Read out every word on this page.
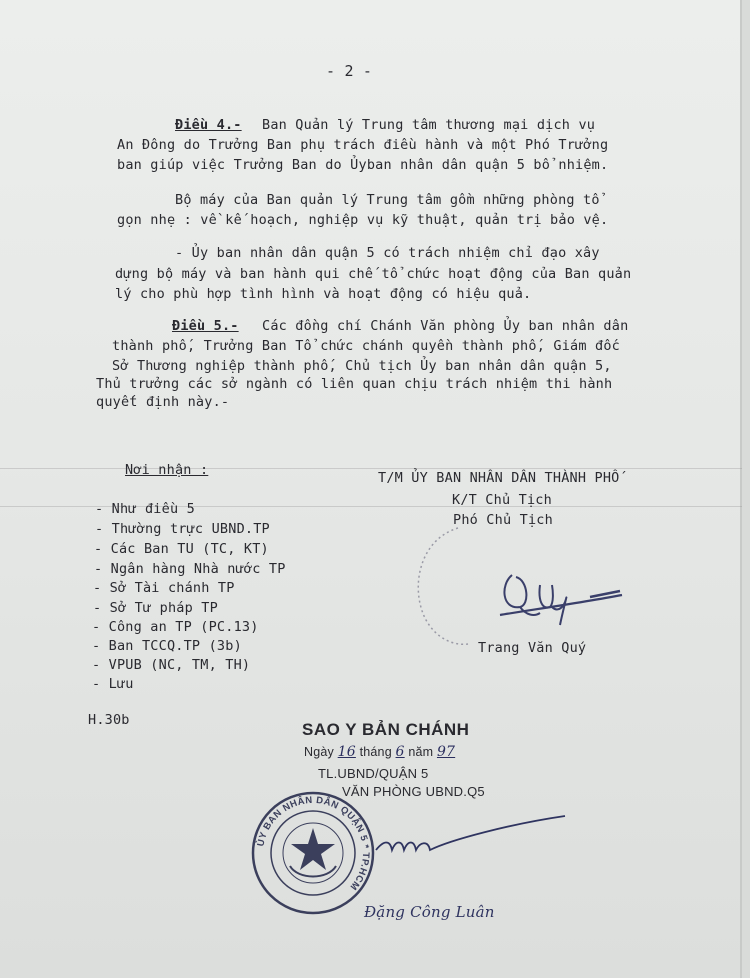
- 2 -
Điều 4.- Ban Quản lý Trung tâm thương mại dịch vụ
An Đông do Trưởng Ban phụ trách điều hành và một Phó Trưởng
ban giúp việc Trưởng Ban do Ủyban nhân dân quận 5 bổ nhiệm.
Bộ máy của Ban quản lý Trung tâm gồm những phòng tổ
gọn nhẹ : về kế hoạch, nghiệp vụ kỹ thuật, quản trị bảo vệ.
- Ủy ban nhân dân quận 5 có trách nhiệm chỉ đạo xây
dựng bộ máy và ban hành qui chế tổ chức hoạt động của Ban quản
lý cho phù hợp tình hình và hoạt động có hiệu quả.
Điều 5.- Các đồng chí Chánh Văn phòng Ủy ban nhân dân
thành phố, Trưởng Ban Tổ chức chánh quyền thành phố, Giám đốc
Sở Thương nghiệp thành phố, Chủ tịch Ủy ban nhân dân quận 5,
Thủ trưởng các sở ngành có liên quan chịu trách nhiệm thi hành
quyết định này.-
Nơi nhận :
- Như điều 5
- Thường trực UBND.TP
- Các Ban TU (TC, KT)
- Ngân hàng Nhà nước TP
- Sở Tài chánh TP
- Sở Tư pháp TP
- Công an TP (PC.13)
- Ban TCCQ.TP (3b)
- VPUB (NC, TM, TH)
- Lưu
H.30b
T/M ỦY BAN NHÂN DÂN THÀNH PHỐ
K/T Chủ Tịch
Phó Chủ Tịch
Trang Văn Quý
SAO Y BẢN CHÁNH
Ngày 16 tháng 6 năm 97
TL.UBND/QUẬN 5
VĂN PHÒNG UBND.Q5
ỦY BAN NHÂN DÂN QUẬN 5 * TP.HCM
Đặng Công Luân
